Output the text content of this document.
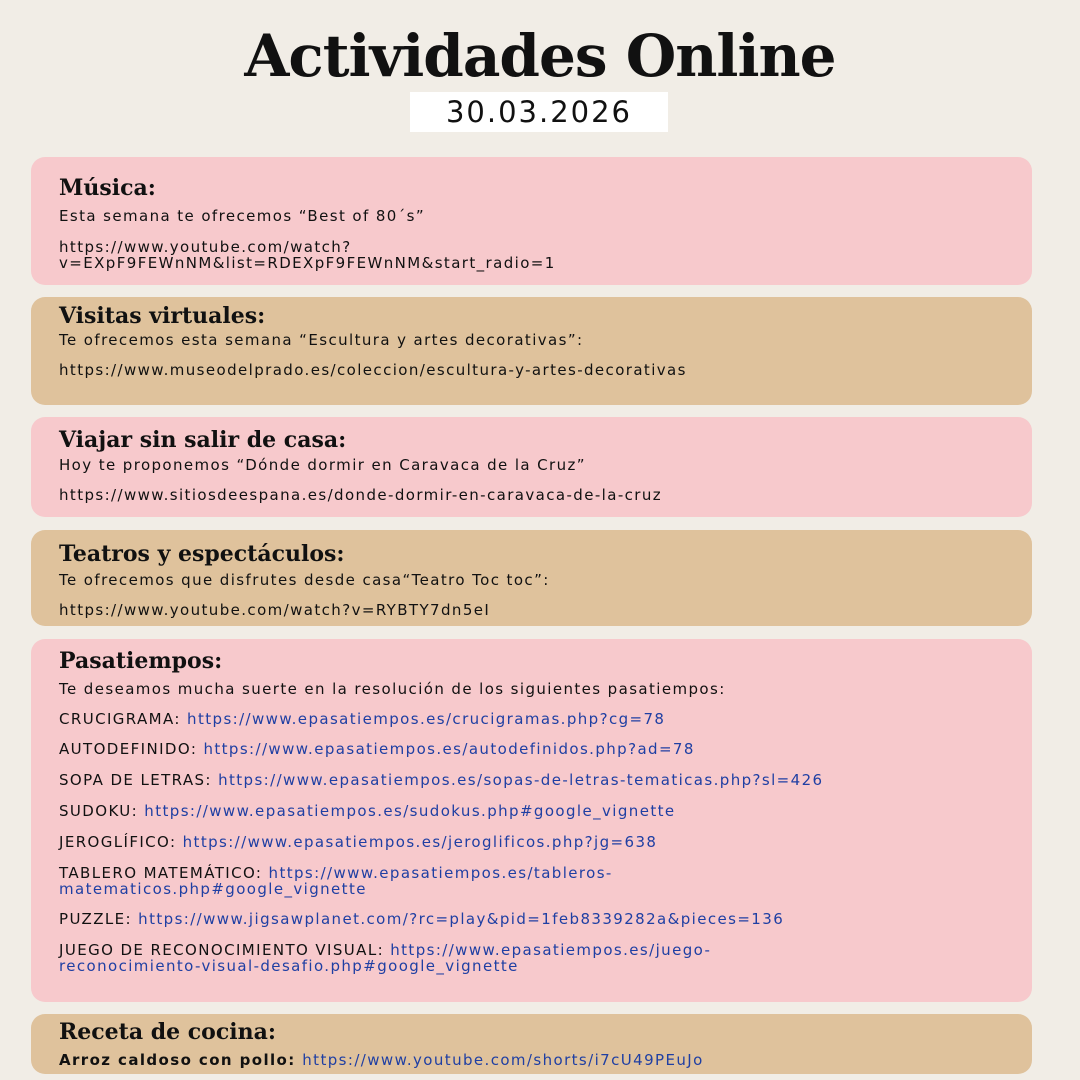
Actividades Online
30.03.2026
Música:

Esta semana te ofrecemos “Best of 80´s”

https://www.youtube.com/watch?
v=EXpF9FEWnNM&list=RDEXpF9FEWnNM&start_radio=1

Visitas virtuales:

Te ofrecemos esta semana “Escultura y artes decorativas”:

https://www.museodelprado.es/coleccion/escultura-y-artes-decorativas

Viajar sin salir de casa:

Hoy te proponemos “Dónde dormir en Caravaca de la Cruz”

https://www.sitiosdeespana.es/donde-dormir-en-caravaca-de-la-cruz

Teatros y espectáculos:

Te ofrecemos que disfrutes desde casa“Teatro Toc toc”:

https://www.youtube.com/watch?v=RYBTY7dn5eI

Pasatiempos:

Te deseamos mucha suerte en la resolución de los siguientes pasatiempos:

CRUCIGRAMA: https://www.epasatiempos.es/crucigramas.php?cg=78

AUTODEFINIDO: https://www.epasatiempos.es/autodefinidos.php?ad=78

SOPA DE LETRAS: https://www.epasatiempos.es/sopas-de-letras-tematicas.php?sl=426

SUDOKU: https://www.epasatiempos.es/sudokus.php#google_vignette

JEROGLÍFICO: https://www.epasatiempos.es/jeroglificos.php?jg=638

TABLERO MATEMÁTICO: https://www.epasatiempos.es/tableros-
matematicos.php#google_vignette

PUZZLE: https://www.jigsawplanet.com/?rc=play&pid=1feb8339282a&pieces=136

JUEGO DE RECONOCIMIENTO VISUAL: https://www.epasatiempos.es/juego-
reconocimiento-visual-desafio.php#google_vignette

Receta de cocina:

Arroz caldoso con pollo: https://www.youtube.com/shorts/i7cU49PEuJo
